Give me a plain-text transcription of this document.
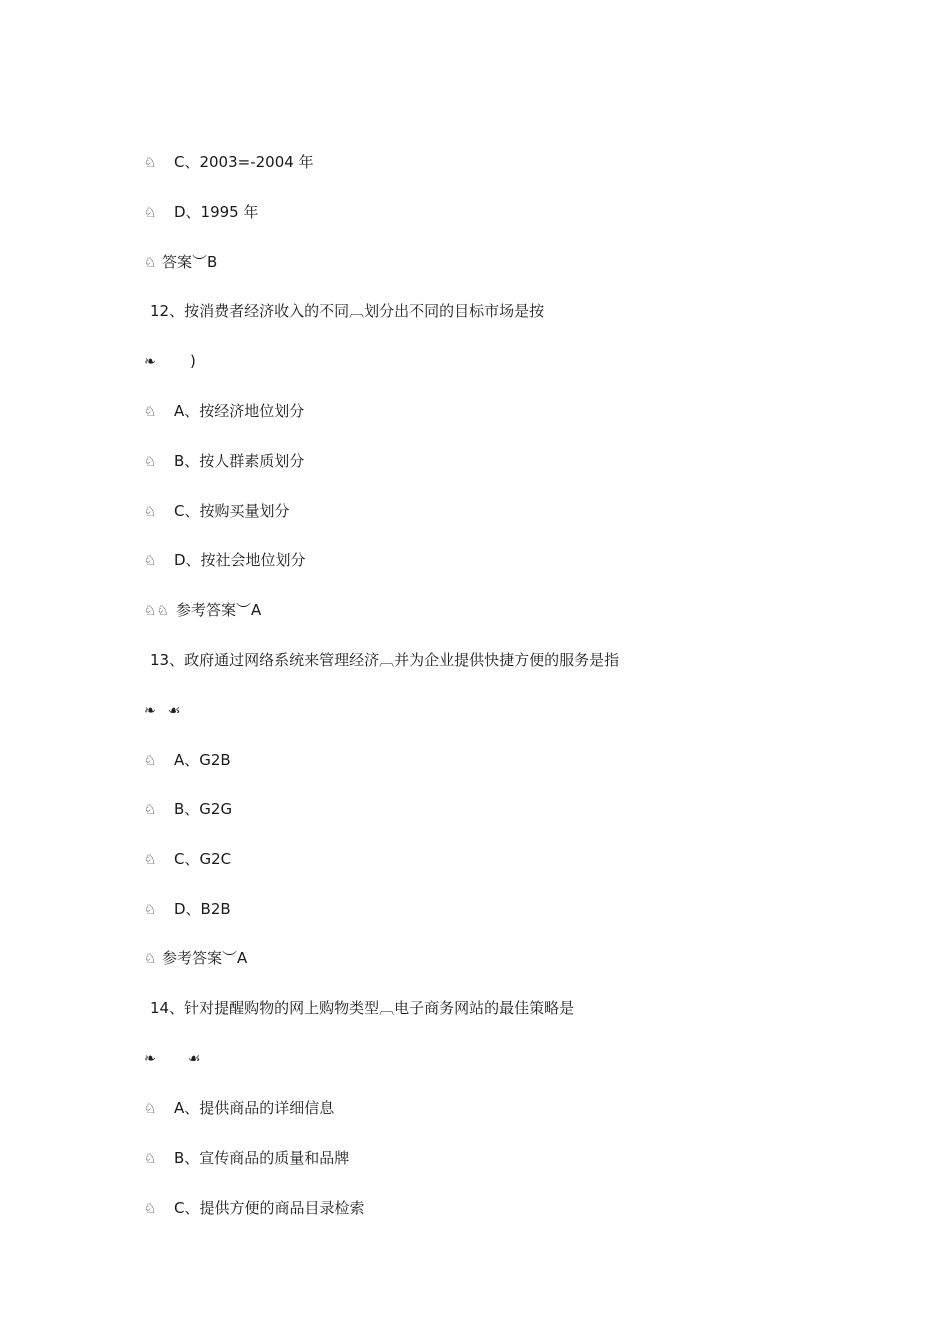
♘ C、2003=-2004 年
♘ D、1995 年
♘ 答案︶B
12、按消费者经济收入的不同︹划分出不同的目标市场是按
❧ )
♘ A、按经济地位划分
♘ B、按人群素质划分
♘ C、按购买量划分
♘ D、按社会地位划分
♘♘ 参考答案︶A
13、政府通过网络系统来管理经济︹并为企业提供快捷方便的服务是指
❧ ☙
♘ A、G2B
♘ B、G2G
♘ C、G2C
♘ D、B2B
♘ 参考答案︶A
14、针对提醒购物的网上购物类型︹电子商务网站的最佳策略是
❧ ☙
♘ A、提供商品的详细信息
♘ B、宣传商品的质量和品牌
♘ C、提供方便的商品目录检索
